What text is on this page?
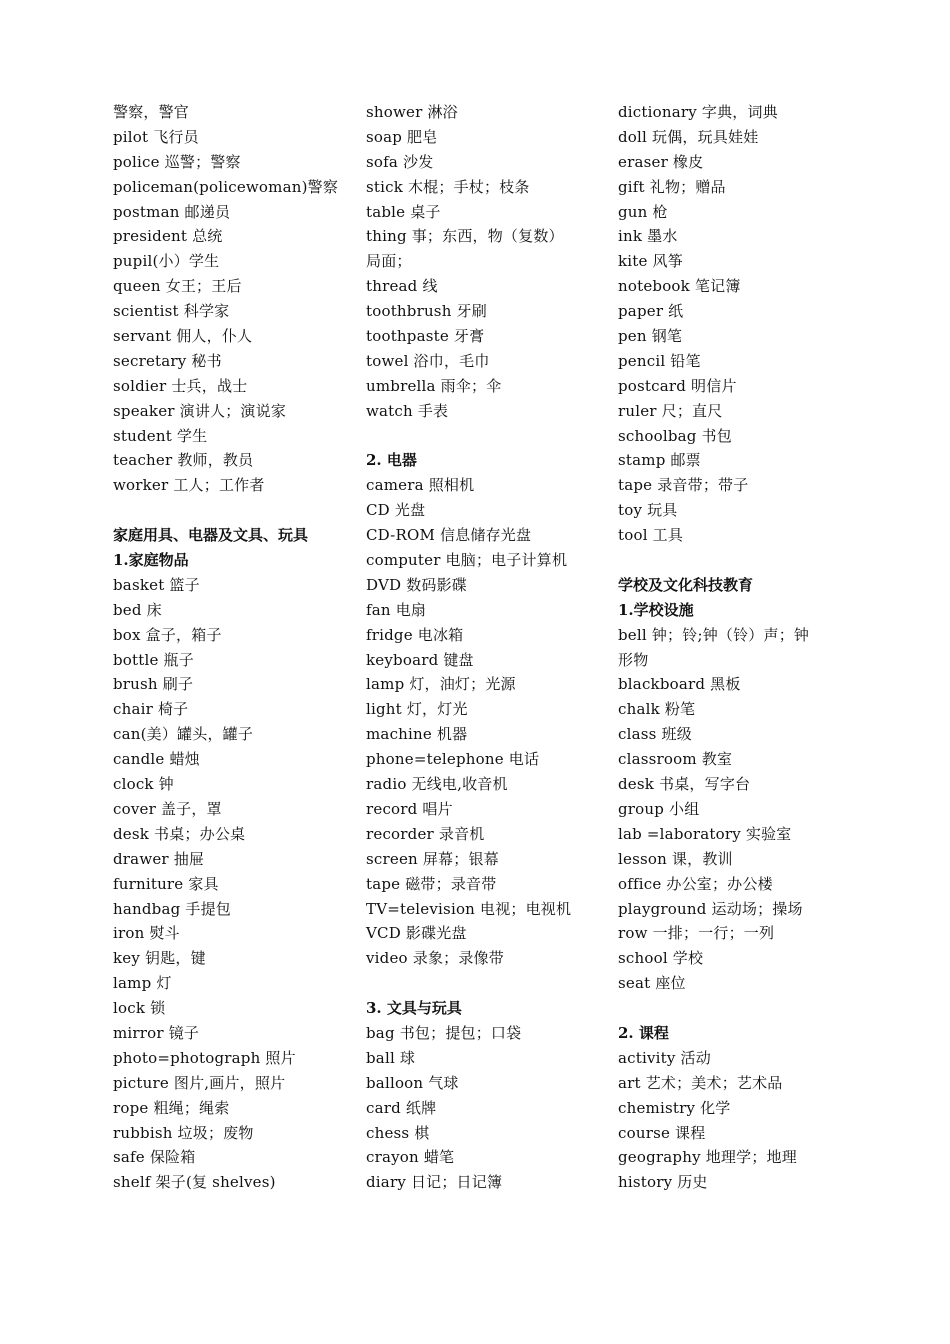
警察，警官
pilot 飞行员
police 巡警；警察
policeman(policewoman)警察
postman 邮递员
president 总统
pupil(小）学生
queen 女王；王后
scientist 科学家
servant 佣人，仆人
secretary 秘书
soldier 士兵，战士
speaker 演讲人；演说家
student 学生
teacher 教师，教员
worker 工人；工作者
家庭用具、电器及文具、玩具
1.家庭物品
basket 篮子
bed 床
box 盒子，箱子
bottle 瓶子
brush 刷子
chair 椅子
can(美）罐头，罐子
candle 蜡烛
clock 钟
cover 盖子，罩
desk 书桌；办公桌
drawer 抽屉
furniture 家具
handbag 手提包
iron 熨斗
key 钥匙，键
lamp 灯
lock 锁
mirror 镜子
photo=photograph 照片
picture 图片,画片，照片
rope 粗绳；绳索
rubbish 垃圾；废物
safe 保险箱
shelf 架子(复 shelves)
shower 淋浴
soap 肥皂
sofa 沙发
stick 木棍；手杖；枝条
table 桌子
thing 事；东西，物（复数）
局面；
thread 线
toothbrush 牙刷
toothpaste 牙膏
towel 浴巾，毛巾
umbrella 雨伞；伞
watch 手表
2. 电器
camera 照相机
CD 光盘
CD-ROM 信息储存光盘
computer 电脑；电子计算机
DVD 数码影碟
fan 电扇
fridge 电冰箱
keyboard 键盘
lamp 灯，油灯；光源
light 灯，灯光
machine 机器
phone=telephone 电话
radio 无线电,收音机
record 唱片
recorder 录音机
screen 屏幕；银幕
tape 磁带；录音带
TV=television 电视；电视机
VCD 影碟光盘
video 录象；录像带
3. 文具与玩具
bag 书包；提包；口袋
ball 球
balloon 气球
card 纸牌
chess 棋
crayon 蜡笔
diary 日记；日记簿
dictionary 字典，词典
doll 玩偶，玩具娃娃
eraser 橡皮
gift 礼物；赠品
gun 枪
ink 墨水
kite 风筝
notebook 笔记簿
paper 纸
pen 钢笔
pencil 铅笔
postcard 明信片
ruler 尺；直尺
schoolbag 书包
stamp 邮票
tape 录音带；带子
toy 玩具
tool 工具
学校及文化科技教育
1.学校设施
bell 钟；铃;钟（铃）声；钟
形物
blackboard 黑板
chalk 粉笔
class 班级
classroom 教室
desk 书桌，写字台
group 小组
lab =laboratory 实验室
lesson 课，教训
office 办公室；办公楼
playground 运动场；操场
row 一排；一行；一列
school 学校
seat 座位
2. 课程
activity 活动
art 艺术；美术；艺术品
chemistry 化学
course 课程
geography 地理学；地理
history 历史
